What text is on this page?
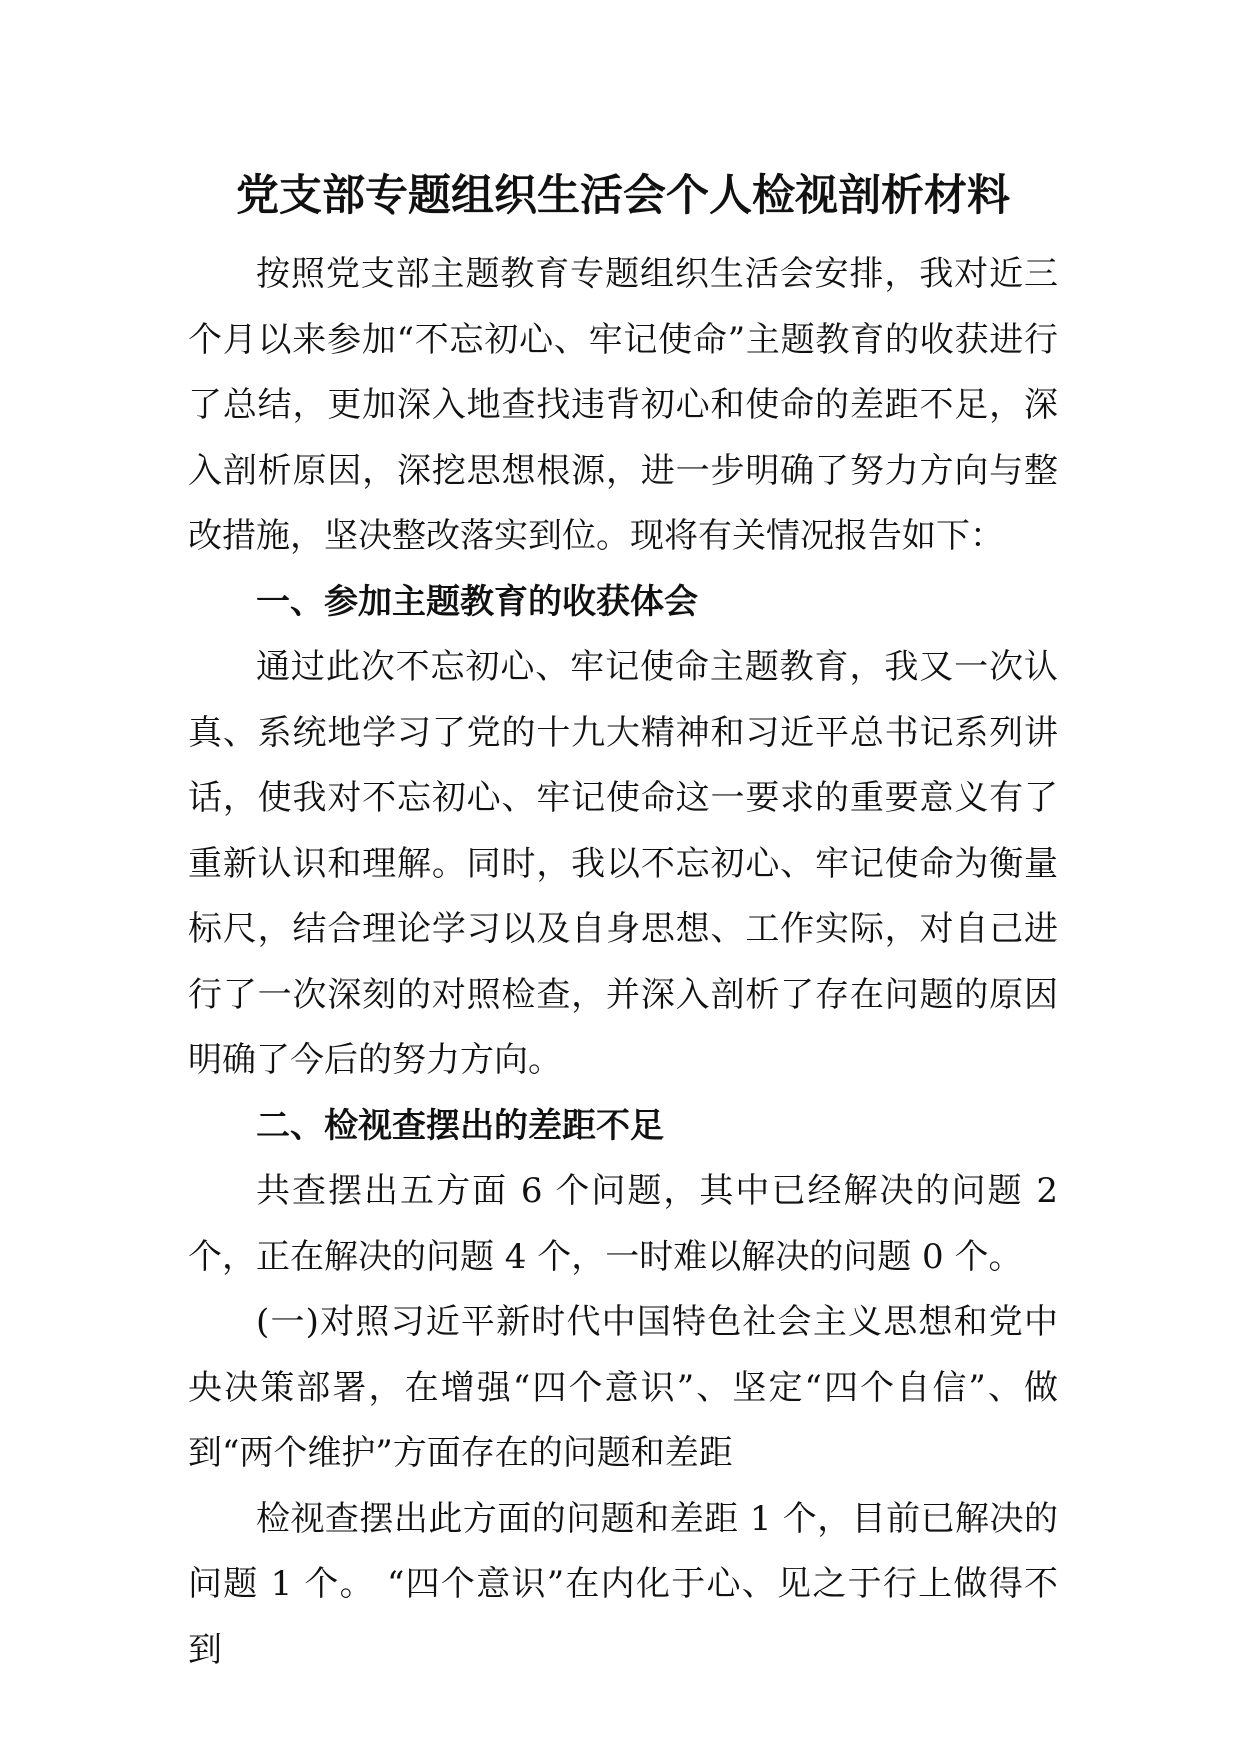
党支部专题组织生活会个人检视剖析材料

按照党支部主题教育专题组织生活会安排，我对近三个月以来参加“不忘初心、牢记使命”主题教育的收获进行了总结，更加深入地查找违背初心和使命的差距不足，深入剖析原因，深挖思想根源，进一步明确了努力方向与整改措施，坚决整改落实到位。现将有关情况报告如下：

一、参加主题教育的收获体会

通过此次不忘初心、牢记使命主题教育，我又一次认真、系统地学习了党的十九大精神和习近平总书记系列讲话，使我对不忘初心、牢记使命这一要求的重要意义有了重新认识和理解。同时，我以不忘初心、牢记使命为衡量标尺，结合理论学习以及自身思想、工作实际，对自己进行了一次深刻的对照检查，并深入剖析了存在问题的原因明确了今后的努力方向。

二、检视查摆出的差距不足

共查摆出五方面 6 个问题，其中已经解决的问题 2 个，正在解决的问题 4 个，一时难以解决的问题 0 个。

(一)对照习近平新时代中国特色社会主义思想和党中央决策部署，在增强“四个意识”、坚定“四个自信”、做到“两个维护”方面存在的问题和差距

检视查摆出此方面的问题和差距 1 个，目前已解决的问题 1 个。 “四个意识”在内化于心、见之于行上做得不到
